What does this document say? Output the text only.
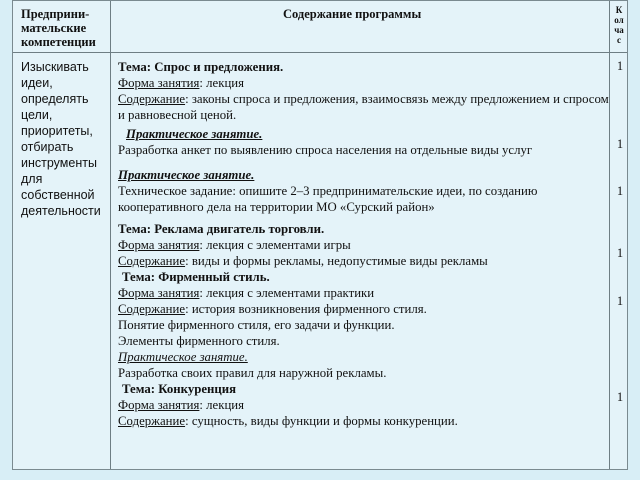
Предприни-мательские компетенции
Содержание программы	К
ол
ча
с
Изыскивать идеи, определять цели, приоритеты, отбирать инструменты для собственной деятельности

Тема: Спрос и предложения.

Форма занятия: лекция

Содержание: законы спроса и предложения, взаимосвязь между предложением и спросом и равновесной ценой.

Практическое занятие.

Разработка анкет по выявлению спроса населения на отдельные виды услуг

Практическое занятие.

Техническое задание: опишите 2–3 предпринимательские идеи, по созданию кооперативного дела на территории МО «Сурский район»

Тема: Реклама двигатель торговли.

Форма занятия: лекция с элементами игры

Содержание: виды и формы рекламы, недопустимые виды рекламы

Тема: Фирменный стиль.

Форма занятия: лекция с элементами практики

Содержание: история возникновения фирменного стиля.

Понятие фирменного стиля, его задачи и функции.

Элементы фирменного стиля.

Практическое занятие.

Разработка своих правил для наружной рекламы.

Тема: Конкуренция

Форма занятия: лекция

Содержание: сущность, виды функции и формы конкуренции.

1
1
1
1
1
1
